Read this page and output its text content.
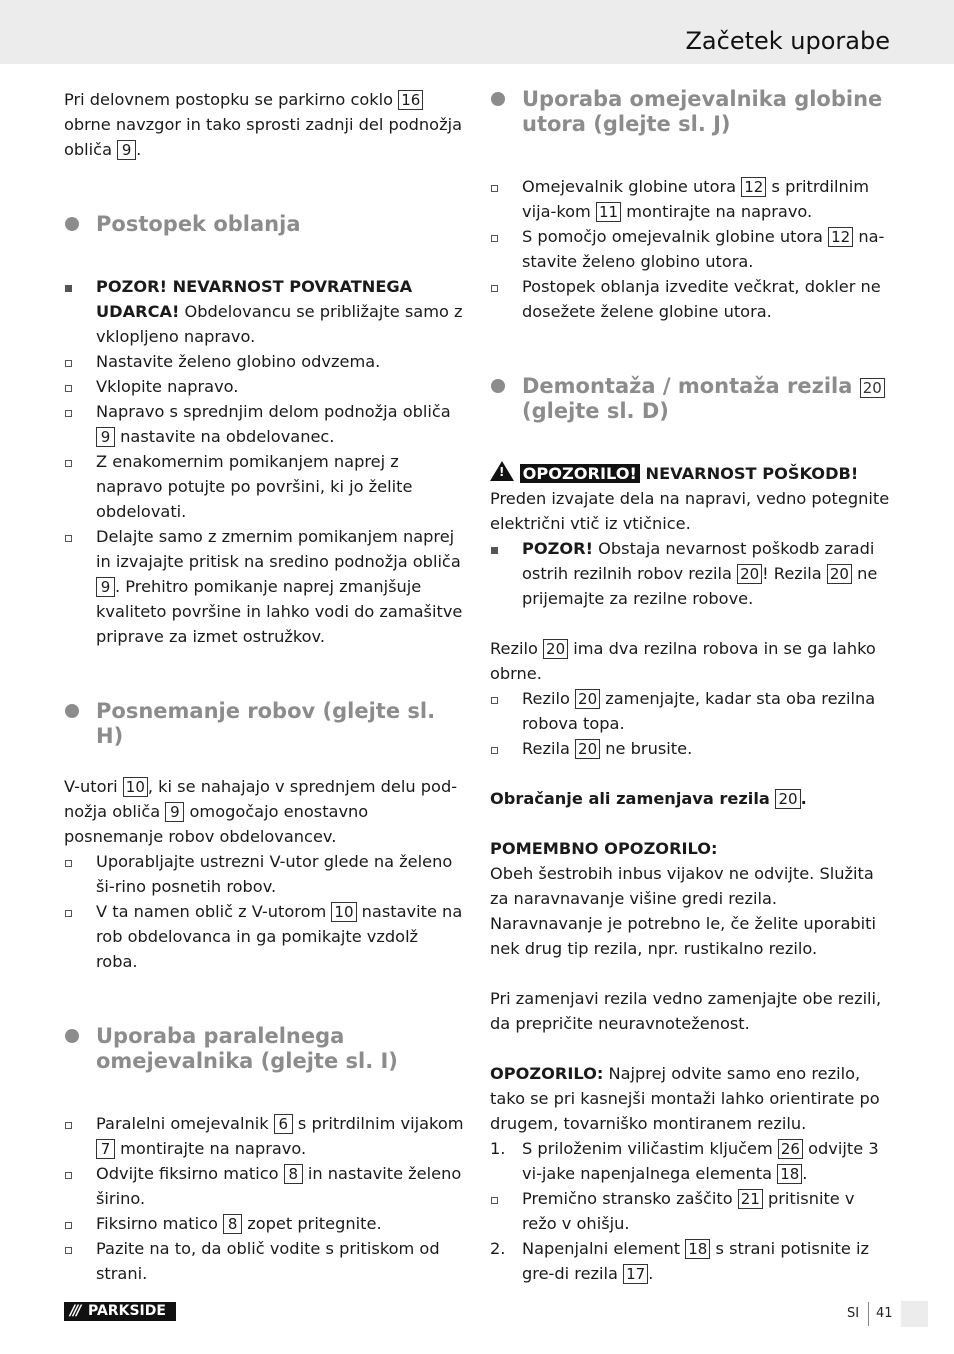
Začetek uporabe

Pri delovnem postopku se parkirno coklo 16 obrne navzgor in tako sprosti zadnji del podnožja obliča 9 .

Postopek oblanja
POZOR! NEVARNOST POVRATNEGA UDARCA! Obdelovancu se približajte samo z vklopljeno napravo.
Nastavite želeno globino odvzema.
Vklopite napravo.
Napravo s sprednjim delom podnožja obliča 9 nastavite na obdelovanec.
Z enakomernim pomikanjem naprej z napravo potujte po površini, ki jo želite obdelovati.
Delajte samo z zmernim pomikanjem naprej in izvajajte pritisk na sredino podnožja obliča 9 . Prehitro pomikanje naprej zmanjšuje kvaliteto površine in lahko vodi do zamašitve priprave za izmet ostružkov.
Posnemanje robov (glejte sl. H)

V-utori 10 , ki se nahajajo v sprednjem delu pod-nožja obliča 9 omogočajo enostavno posnemanje robov obdelovancev.

Uporabljajte ustrezni V-utor glede na želeno ši-rino posnetih robov.
V ta namen oblič z V-utorom 10 nastavite na rob obdelovanca in ga pomikajte vzdolž roba.
Uporaba paralelnega omejevalnika (glejte sl. I)
Paralelni omejevalnik 6 s pritrdilnim vijakom 7 montirajte na napravo.
Odvijte fiksirno matico 8 in nastavite želeno širino.
Fiksirno matico 8 zopet pritegnite.
Pazite na to, da oblič vodite s pritiskom od strani.
Uporaba omejevalnika globine utora (glejte sl. J)
Omejevalnik globine utora 12 s pritrdilnim vija-kom 11 montirajte na napravo.
S pomočjo omejevalnik globine utora 12 na-stavite želeno globino utora.
Postopek oblanja izvedite večkrat, dokler ne dosežete želene globine utora.
Demontaža / montaža rezila 20
(glejte sl. D)
! OPOZORILO! NEVARNOST POŠKODB!

Preden izvajate dela na napravi, vedno potegnite električni vtič iz vtičnice.

POZOR! Obstaja nevarnost poškodb zaradi ostrih rezilnih robov rezila 20 ! Rezila 20 ne prijemajte za rezilne robove.

Rezilo 20 ima dva rezilna robova in se ga lahko obrne.

Rezilo 20 zamenjajte, kadar sta oba rezilna robova topa.
Rezila 20 ne brusite.

Obračanje ali zamenjava rezila 20 .

POMEMBNO OPOZORILO:

Obeh šestrobih inbus vijakov ne odvijte. Služita za naravnavanje višine gredi rezila.

Naravnavanje je potrebno le, če želite uporabiti nek drug tip rezila, npr. rustikalno rezilo.

Pri zamenjavi rezila vedno zamenjajte obe rezili, da prepričite neuravnoteženost.

OPOZORILO: Najprej odvite samo eno rezilo, tako se pri kasnejši montaži lahko orientirate po drugem, tovarniško montiranem rezilu.

1. S priloženim viličastim ključem 26 odvijte 3 vi-jake napenjalnega elementa 18 .
Premično stransko zaščito 21 pritisnite v režo v ohišju.
2. Napenjalni element 18 s strani potisnite iz gre-di rezila 17 .
/// PARKSIDE	SI 41
